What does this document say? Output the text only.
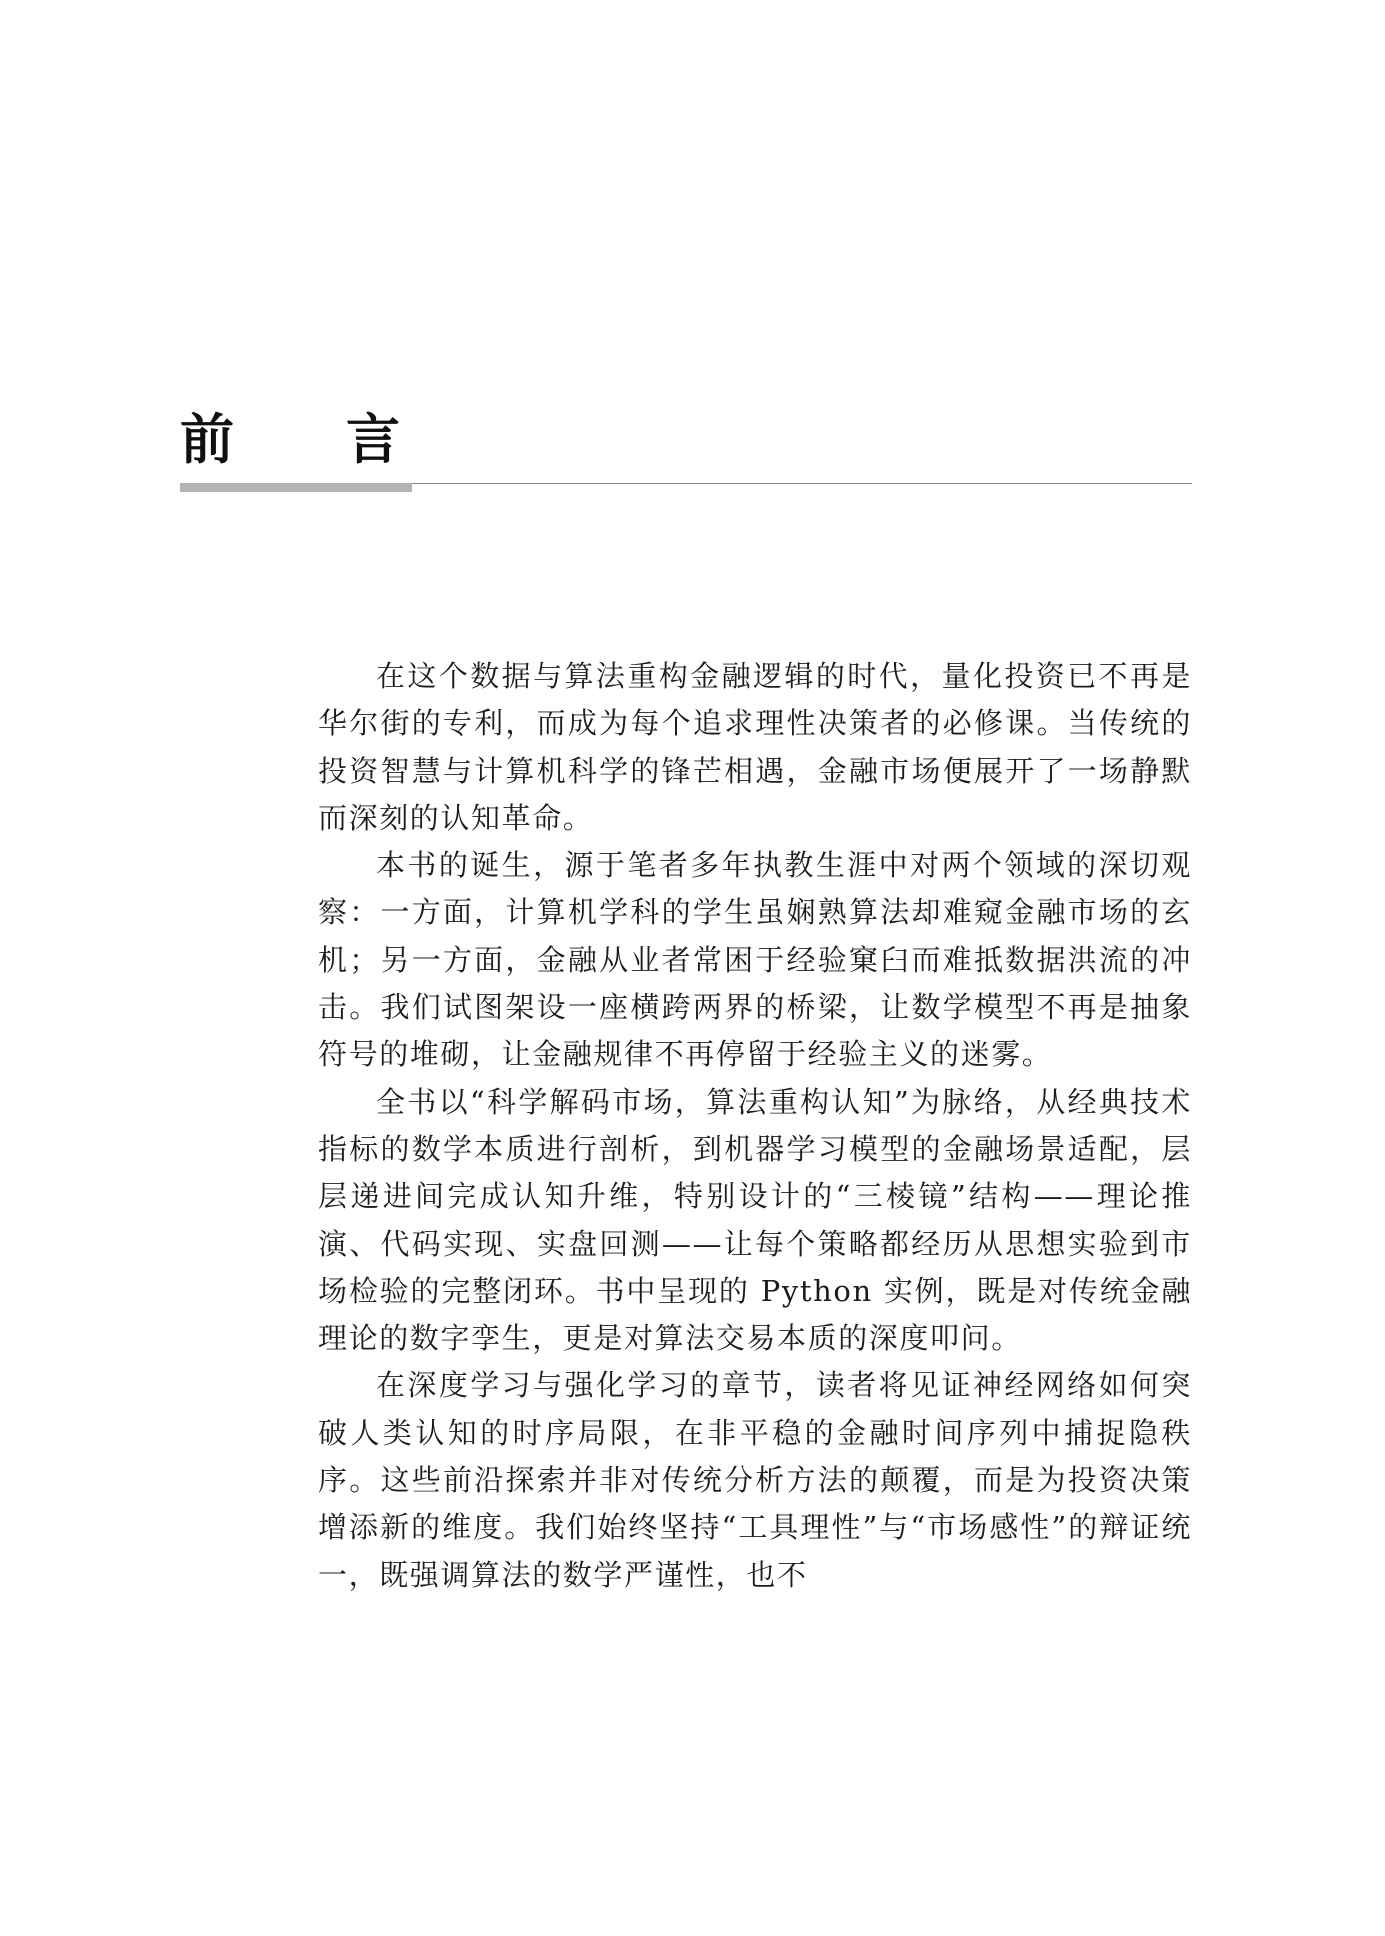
前言

在这个数据与算法重构金融逻辑的时代，量化投资已不再是华尔街的专利，而成为每个追求理性决策者的必修课。当传统的投资智慧与计算机科学的锋芒相遇，金融市场便展开了一场静默而深刻的认知革命。

本书的诞生，源于笔者多年执教生涯中对两个领域的深切观察：一方面，计算机学科的学生虽娴熟算法却难窥金融市场的玄机；另一方面，金融从业者常困于经验窠臼而难抵数据洪流的冲击。我们试图架设一座横跨两界的桥梁，让数学模型不再是抽象符号的堆砌，让金融规律不再停留于经验主义的迷雾。

全书以“科学解码市场，算法重构认知”为脉络，从经典技术指标的数学本质进行剖析，到机器学习模型的金融场景适配，层层递进间完成认知升维，特别设计的“三棱镜”结构——理论推演、代码实现、实盘回测——让每个策略都经历从思想实验到市场检验的完整闭环。书中呈现的 Python 实例，既是对传统金融理论的数字孪生，更是对算法交易本质的深度叩问。

在深度学习与强化学习的章节，读者将见证神经网络如何突破人类认知的时序局限，在非平稳的金融时间序列中捕捉隐秩序。这些前沿探索并非对传统分析方法的颠覆，而是为投资决策增添新的维度。我们始终坚持“工具理性”与“市场感性”的辩证统一，既强调算法的数学严谨性，也不
